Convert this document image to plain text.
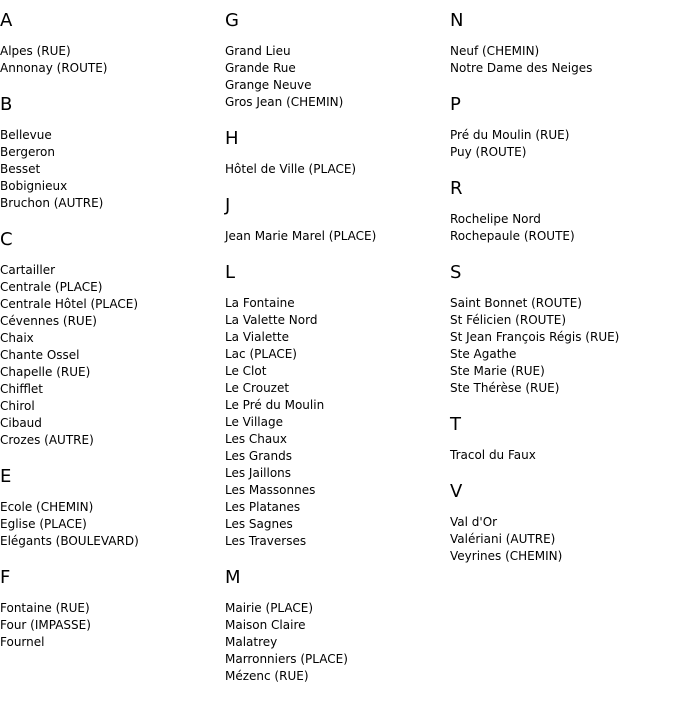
A
Alpes (RUE)
Annonay (ROUTE)
B
Bellevue
Bergeron
Besset
Bobignieux
Bruchon (AUTRE)
C
Cartailler
Centrale (PLACE)
Centrale Hôtel (PLACE)
Cévennes (RUE)
Chaix
Chante Ossel
Chapelle (RUE)
Chifflet
Chirol
Cibaud
Crozes (AUTRE)
E
Ecole (CHEMIN)
Eglise (PLACE)
Elégants (BOULEVARD)
F
Fontaine (RUE)
Four (IMPASSE)
Fournel
G
Grand Lieu
Grande Rue
Grange Neuve
Gros Jean (CHEMIN)
H
Hôtel de Ville (PLACE)
J
Jean Marie Marel (PLACE)
L
La Fontaine
La Valette Nord
La Vialette
Lac (PLACE)
Le Clot
Le Crouzet
Le Pré du Moulin
Le Village
Les Chaux
Les Grands
Les Jaillons
Les Massonnes
Les Platanes
Les Sagnes
Les Traverses
M
Mairie (PLACE)
Maison Claire
Malatrey
Marronniers (PLACE)
Mézenc (RUE)
N
Neuf (CHEMIN)
Notre Dame des Neiges
P
Pré du Moulin (RUE)
Puy (ROUTE)
R
Rochelipe Nord
Rochepaule (ROUTE)
S
Saint Bonnet (ROUTE)
St Félicien (ROUTE)
St Jean François Régis (RUE)
Ste Agathe
Ste Marie (RUE)
Ste Thérèse (RUE)
T
Tracol du Faux
V
Val d'Or
Valériani (AUTRE)
Veyrines (CHEMIN)
